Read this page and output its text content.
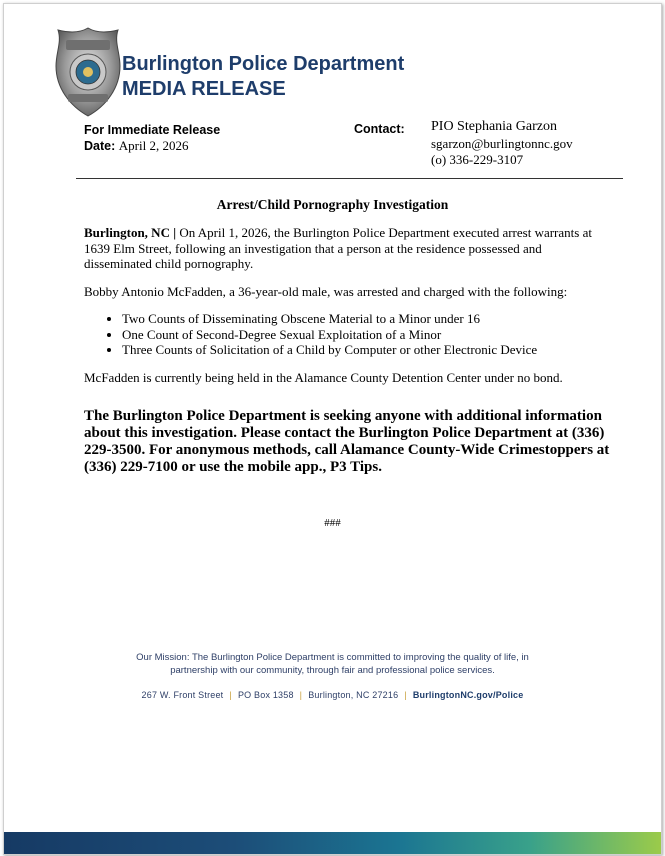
Burlington Police Department
MEDIA RELEASE
For Immediate Release
Date: April 2, 2026
Contact: PIO Stephania Garzon
sgarzon@burlingtonnc.gov
(o) 336-229-3107
Arrest/Child Pornography Investigation

Burlington, NC | On April 1, 2026, the Burlington Police Department executed arrest warrants at 1639 Elm Street, following an investigation that a person at the residence possessed and disseminated child pornography.

Bobby Antonio McFadden, a 36-year-old male, was arrested and charged with the following:

• Two Counts of Disseminating Obscene Material to a Minor under 16
• One Count of Second-Degree Sexual Exploitation of a Minor
• Three Counts of Solicitation of a Child by Computer or other Electronic Device

McFadden is currently being held in the Alamance County Detention Center under no bond.

The Burlington Police Department is seeking anyone with additional information about this investigation. Please contact the Burlington Police Department at (336) 229-3500. For anonymous methods, call Alamance County-Wide Crimestoppers at (336) 229-7100 or use the mobile app., P3 Tips.
###
Our Mission: The Burlington Police Department is committed to improving the quality of life, in partnership with our community, through fair and professional police services.
267 W. Front Street | PO Box 1358 | Burlington, NC 27216 | BurlingtonNC.gov/Police
